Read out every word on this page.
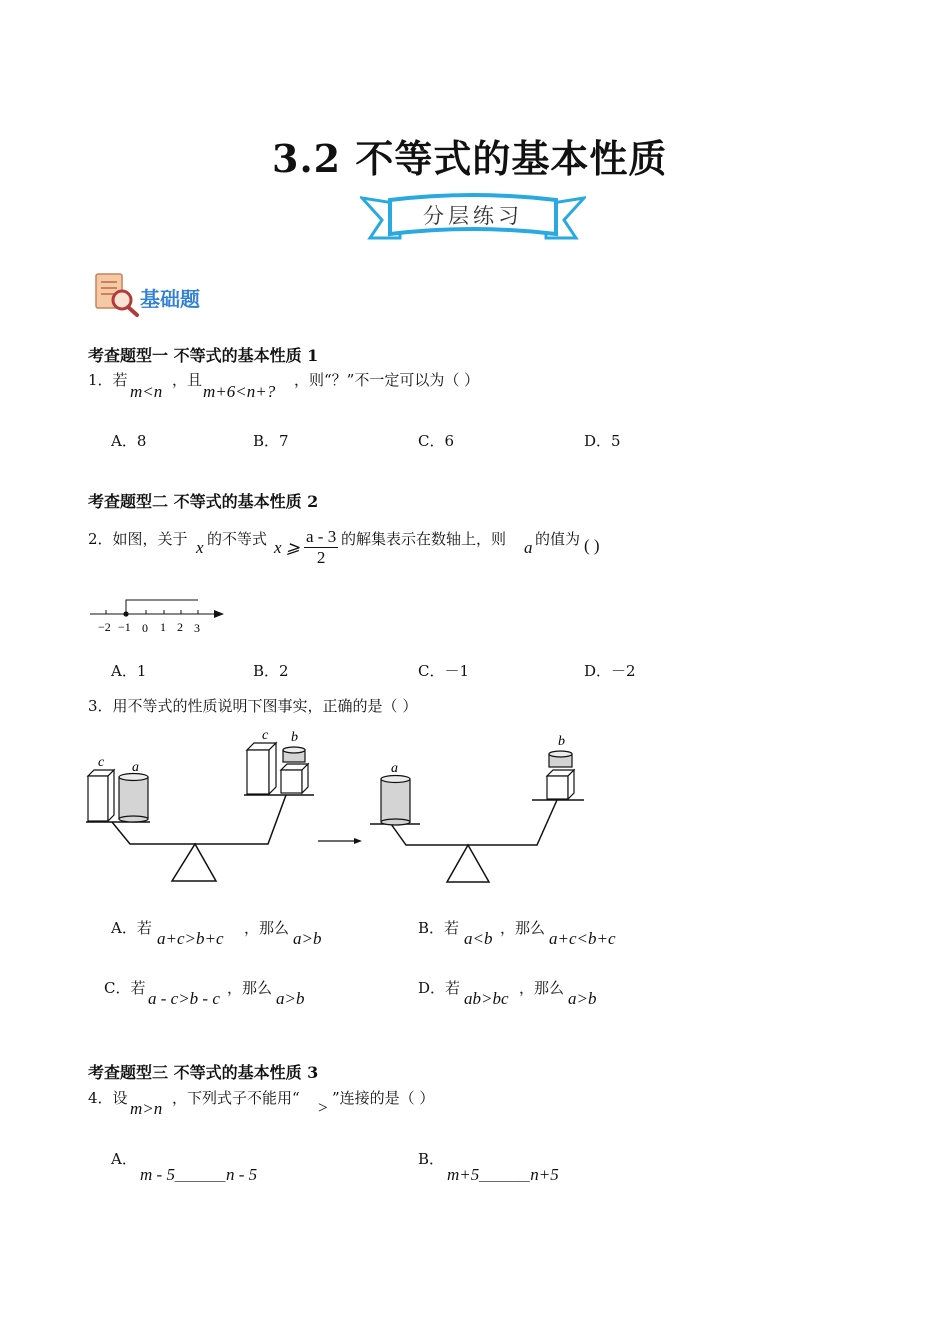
3.2 不等式的基本性质
分层练习
基础题
考查题型一 不等式的基本性质 1
1．若
m<n
，且
m+6<n+?
，则“？”不一定可以为（ ）
A．8	B．7	C．6	D．5
考查题型二 不等式的基本性质 2
2．如图，关于 x 的不等式 x ⩾ $\frac{a - 3}{2}$ 的解集表示在数轴上，则 a 的值为 ( )
−2 −1 0 1 2 3
A．1	B．2	C．－1	D．－2
3．用不等式的性质说明下图事实，正确的是（ ）
c a
c b
a
b
A．若
a+c>b+c
，那么
a>b
B．若
a<b
，那么
a+c<b+c
C．若
a - c>b - c
，那么
a>b
D．若
ab>bc
，那么
a>b
考查题型三 不等式的基本性质 3
4．设
m>n
，下列式子不能用“ > ”连接的是（ ）
A．
m - 5＿＿＿n - 5
B．
m+5＿＿＿n+5
